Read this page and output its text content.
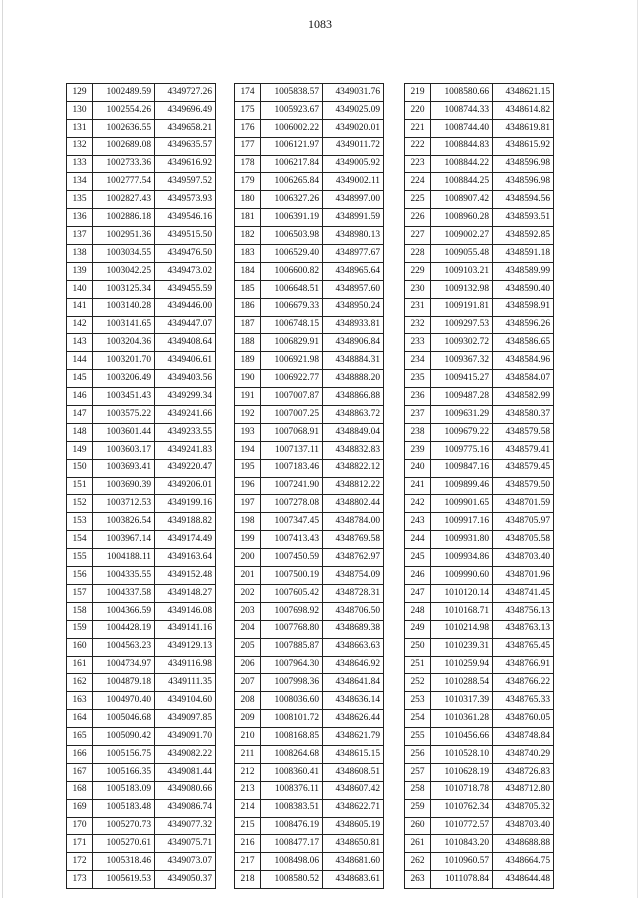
1083
129	1002489.59	4349727.26
130	1002554.26	4349696.49
131	1002636.55	4349658.21
132	1002689.08	4349635.57
133	1002733.36	4349616.92
134	1002777.54	4349597.52
135	1002827.43	4349573.93
136	1002886.18	4349546.16
137	1002951.36	4349515.50
138	1003034.55	4349476.50
139	1003042.25	4349473.02
140	1003125.34	4349455.59
141	1003140.28	4349446.00
142	1003141.65	4349447.07
143	1003204.36	4349408.64
144	1003201.70	4349406.61
145	1003206.49	4349403.56
146	1003451.43	4349299.34
147	1003575.22	4349241.66
148	1003601.44	4349233.55
149	1003603.17	4349241.83
150	1003693.41	4349220.47
151	1003690.39	4349206.01
152	1003712.53	4349199.16
153	1003826.54	4349188.82
154	1003967.14	4349174.49
155	1004188.11	4349163.64
156	1004335.55	4349152.48
157	1004337.58	4349148.27
158	1004366.59	4349146.08
159	1004428.19	4349141.16
160	1004563.23	4349129.13
161	1004734.97	4349116.98
162	1004879.18	4349111.35
163	1004970.40	4349104.60
164	1005046.68	4349097.85
165	1005090.42	4349091.70
166	1005156.75	4349082.22
167	1005166.35	4349081.44
168	1005183.09	4349080.66
169	1005183.48	4349086.74
170	1005270.73	4349077.32
171	1005270.61	4349075.71
172	1005318.46	4349073.07
173	1005619.53	4349050.37
174	1005838.57	4349031.76
175	1005923.67	4349025.09
176	1006002.22	4349020.01
177	1006121.97	4349011.72
178	1006217.84	4349005.92
179	1006265.84	4349002.11
180	1006327.26	4348997.00
181	1006391.19	4348991.59
182	1006503.98	4348980.13
183	1006529.40	4348977.67
184	1006600.82	4348965.64
185	1006648.51	4348957.60
186	1006679.33	4348950.24
187	1006748.15	4348933.81
188	1006829.91	4348906.84
189	1006921.98	4348884.31
190	1006922.77	4348888.20
191	1007007.87	4348866.88
192	1007007.25	4348863.72
193	1007068.91	4348849.04
194	1007137.11	4348832.83
195	1007183.46	4348822.12
196	1007241.90	4348812.22
197	1007278.08	4348802.44
198	1007347.45	4348784.00
199	1007413.43	4348769.58
200	1007450.59	4348762.97
201	1007500.19	4348754.09
202	1007605.42	4348728.31
203	1007698.92	4348706.50
204	1007768.80	4348689.38
205	1007885.87	4348663.63
206	1007964.30	4348646.92
207	1007998.36	4348641.84
208	1008036.60	4348636.14
209	1008101.72	4348626.44
210	1008168.85	4348621.79
211	1008264.68	4348615.15
212	1008360.41	4348608.51
213	1008376.11	4348607.42
214	1008383.51	4348622.71
215	1008476.19	4348605.19
216	1008477.17	4348650.81
217	1008498.06	4348681.60
218	1008580.52	4348683.61
219	1008580.66	4348621.15
220	1008744.33	4348614.82
221	1008744.40	4348619.81
222	1008844.83	4348615.92
223	1008844.22	4348596.98
224	1008844.25	4348596.98
225	1008907.42	4348594.56
226	1008960.28	4348593.51
227	1009002.27	4348592.85
228	1009055.48	4348591.18
229	1009103.21	4348589.99
230	1009132.98	4348590.40
231	1009191.81	4348598.91
232	1009297.53	4348596.26
233	1009302.72	4348586.65
234	1009367.32	4348584.96
235	1009415.27	4348584.07
236	1009487.28	4348582.99
237	1009631.29	4348580.37
238	1009679.22	4348579.58
239	1009775.16	4348579.41
240	1009847.16	4348579.45
241	1009899.46	4348579.50
242	1009901.65	4348701.59
243	1009917.16	4348705.97
244	1009931.80	4348705.58
245	1009934.86	4348703.40
246	1009990.60	4348701.96
247	1010120.14	4348741.45
248	1010168.71	4348756.13
249	1010214.98	4348763.13
250	1010239.31	4348765.45
251	1010259.94	4348766.91
252	1010288.54	4348766.22
253	1010317.39	4348765.33
254	1010361.28	4348760.05
255	1010456.66	4348748.84
256	1010528.10	4348740.29
257	1010628.19	4348726.83
258	1010718.78	4348712.80
259	1010762.34	4348705.32
260	1010772.57	4348703.40
261	1010843.20	4348688.88
262	1010960.57	4348664.75
263	1011078.84	4348644.48
